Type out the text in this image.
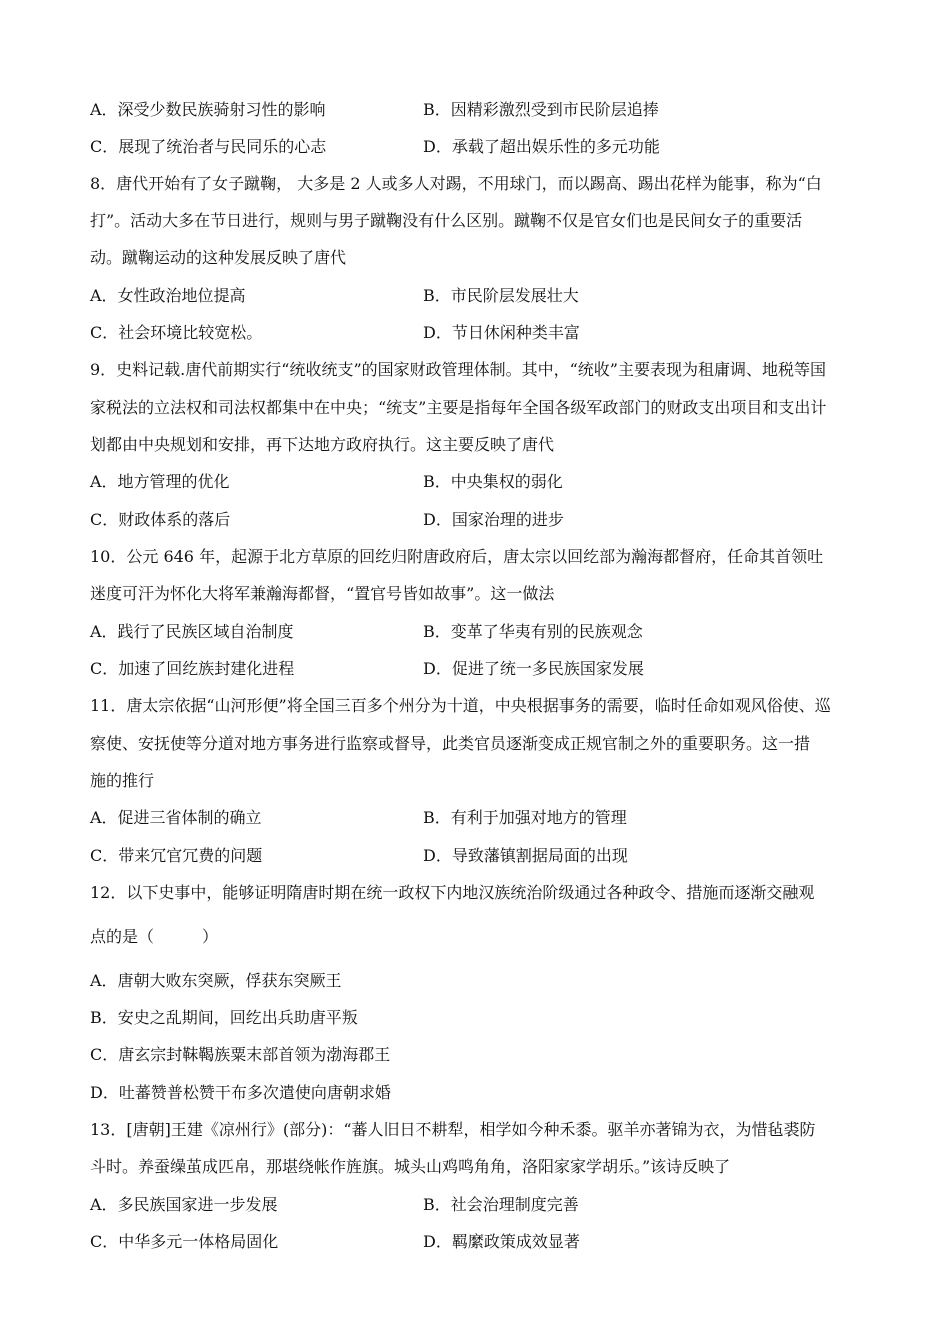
A．深受少数民族骑射习性的影响	B．因精彩激烈受到市民阶层追捧
C．展现了统治者与民同乐的心志	D．承载了超出娱乐性的多元功能
8．唐代开始有了女子蹴鞠， 大多是 2 人或多人对踢，不用球门，而以踢高、踢出花样为能事，称为“白
打”。活动大多在节日进行，规则与男子蹴鞠没有什么区别。蹴鞠不仅是官女们也是民间女子的重要活
动。蹴鞠运动的这种发展反映了唐代
A．女性政治地位提高	B．市民阶层发展壮大
C．社会环境比较宽松。	D．节日休闲种类丰富
9．史料记载.唐代前期实行“统收统支”的国家财政管理体制。其中，“统收”主要表现为租庸调、地税等国
家税法的立法权和司法权都集中在中央；“统支”主要是指每年全国各级军政部门的财政支出项目和支出计
划都由中央规划和安排，再下达地方政府执行。这主要反映了唐代
A．地方管理的优化	B．中央集权的弱化
C．财政体系的落后	D．国家治理的进步
10．公元 646 年，起源于北方草原的回纥归附唐政府后，唐太宗以回纥部为瀚海都督府，任命其首领吐
迷度可汗为怀化大将军兼瀚海都督，“置官号皆如故事”。这一做法
A．践行了民族区域自治制度	B．变革了华夷有别的民族观念
C．加速了回纥族封建化进程	D．促进了统一多民族国家发展
11．唐太宗依据“山河形便”将全国三百多个州分为十道，中央根据事务的需要，临时任命如观风俗使、巡
察使、安抚使等分道对地方事务进行监察或督导，此类官员逐渐变成正规官制之外的重要职务。这一措
施的推行
A．促进三省体制的确立	B．有利于加强对地方的管理
C．带来冗官冗费的问题	D．导致藩镇割据局面的出现
12．以下史事中，能够证明隋唐时期在统一政权下内地汉族统治阶级通过各种政令、措施而逐渐交融观
点的是（　　　）
A．唐朝大败东突厥，俘获东突厥王
B．安史之乱期间，回纥出兵助唐平叛
C．唐玄宗封靺鞨族粟末部首领为渤海郡王
D．吐蕃赞普松赞干布多次遣使向唐朝求婚
13．[唐朝]王建《凉州行》(部分)：“蕃人旧日不耕犁，相学如今种禾黍。驱羊亦著锦为衣，为惜毡裘防
斗时。养蚕缲茧成匹帛，那堪绕帐作旌旗。城头山鸡鸣角角，洛阳家家学胡乐。”该诗反映了
A．多民族国家进一步发展	B．社会治理制度完善
C．中华多元一体格局固化	D．羁縻政策成效显著
